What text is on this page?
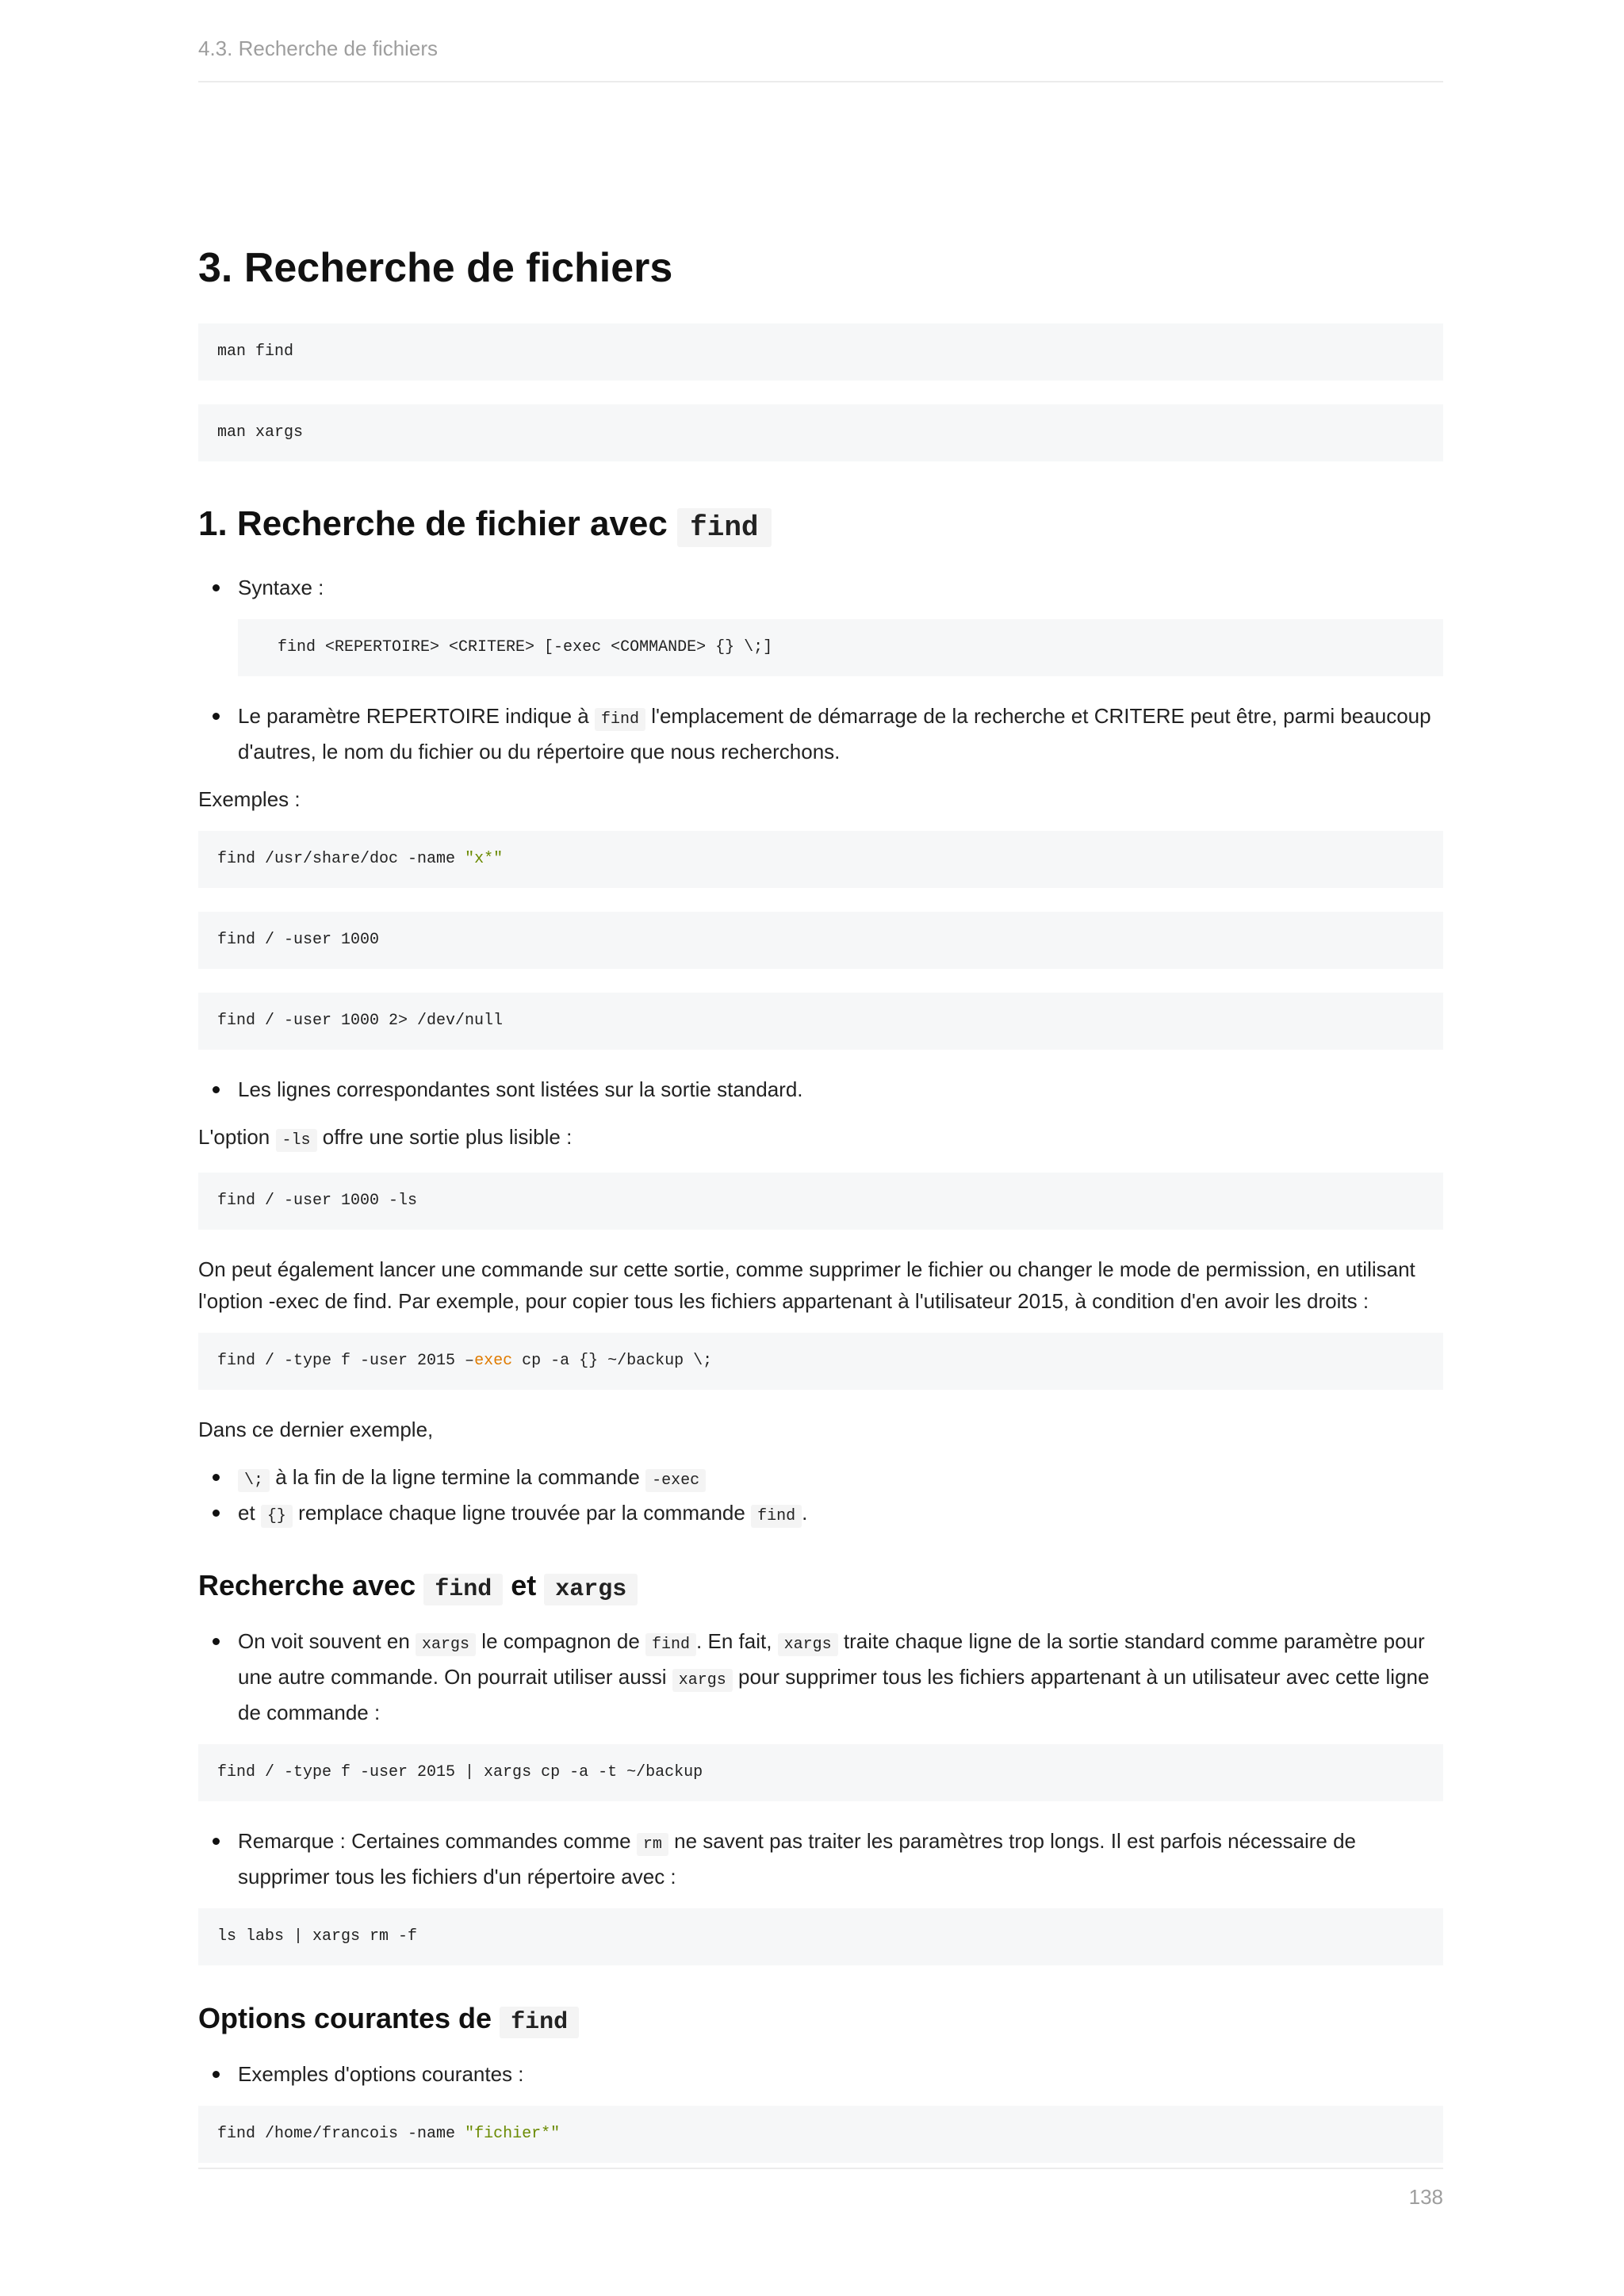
4.3. Recherche de fichiers
3. Recherche de fichiers
man find
man xargs
1. Recherche de fichier avec find
Syntaxe :
find <REPERTOIRE> <CRITERE> [-exec <COMMANDE> {} \;]
Le paramètre REPERTOIRE indique à find l'emplacement de démarrage de la recherche et CRITERE peut être, parmi beaucoup d'autres, le nom du fichier ou du répertoire que nous recherchons.

Exemples :

find /usr/share/doc -name "x*"
find / -user 1000
find / -user 1000 2> /dev/null
Les lignes correspondantes sont listées sur la sortie standard.

L'option -ls offre une sortie plus lisible :

find / -user 1000 -ls

On peut également lancer une commande sur cette sortie, comme supprimer le fichier ou changer le mode de permission, en utilisant l'option -exec de find. Par exemple, pour copier tous les fichiers appartenant à l'utilisateur 2015, à condition d'en avoir les droits :

find / -type f -user 2015 –exec cp -a {} ~/backup \;

Dans ce dernier exemple,

\; à la fin de la ligne termine la commande -exec
et {} remplace chaque ligne trouvée par la commande find .
Recherche avec find et xargs
On voit souvent en xargs le compagnon de find . En fait, xargs traite chaque ligne de la sortie standard comme paramètre pour une autre commande. On pourrait utiliser aussi xargs pour supprimer tous les fichiers appartenant à un utilisateur avec cette ligne de commande :
find / -type f -user 2015 | xargs cp -a -t ~/backup
Remarque : Certaines commandes comme rm ne savent pas traiter les paramètres trop longs. Il est parfois nécessaire de supprimer tous les fichiers d'un répertoire avec :
ls labs | xargs rm -f
Options courantes de find
Exemples d'options courantes :
find /home/francois -name "fichier*"
138
